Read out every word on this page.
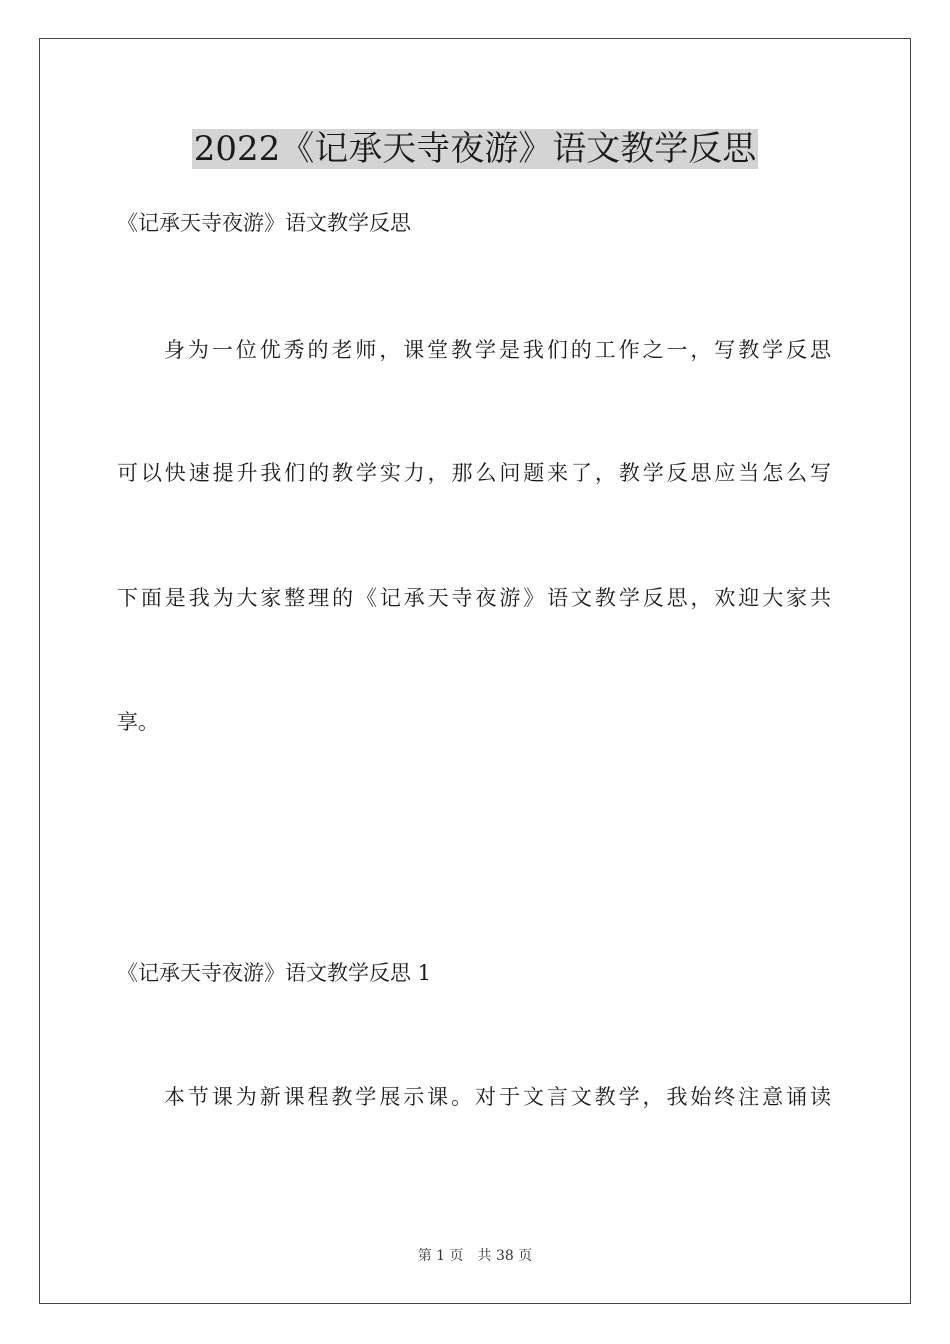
2022《记承天寺夜游》语文教学反思
《记承天寺夜游》语文教学反思
身为一位优秀的老师，课堂教学是我们的工作之一，写教学反思
可以快速提升我们的教学实力，那么问题来了，教学反思应当怎么写
下面是我为大家整理的《记承天寺夜游》语文教学反思，欢迎大家共
享。
《记承天寺夜游》语文教学反思 1
本节课为新课程教学展示课。对于文言文教学，我始终注意诵读
第 1 页 共 38 页
